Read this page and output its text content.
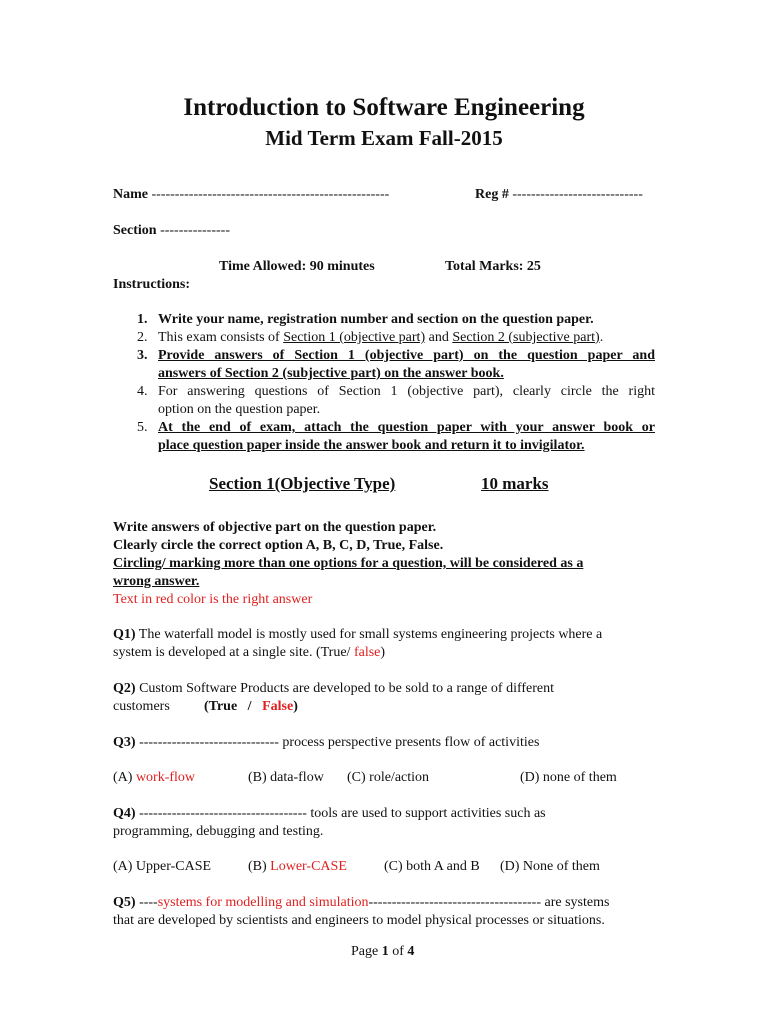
Introduction to Software Engineering
Mid Term Exam Fall-2015
Name ---------------------------------------------------	Reg # ----------------------------
Section ---------------
Time Allowed: 90 minutes	Total Marks: 25
Instructions:
1. Write your name, registration number and section on the question paper.
2. This exam consists of Section 1 (objective part) and Section 2 (subjective part).
3. Provide answers of Section 1 (objective part) on the question paper and
answers of Section 2 (subjective part) on the answer book.
4. For answering questions of Section 1 (objective part), clearly circle the right
option on the question paper.
5. At the end of exam, attach the question paper with your answer book or
place question paper inside the answer book and return it to invigilator.
Section 1(Objective Type)	10 marks
Write answers of objective part on the question paper.
Clearly circle the correct option A, B, C, D, True, False.
Circling/ marking more than one options for a question, will be considered as a
wrong answer.
Text in red color is the right answer
Q1) The waterfall model is mostly used for small systems engineering projects where a
system is developed at a single site. (True/ false)
Q2) Custom Software Products are developed to be sold to a range of different
customers (True   /   False)
Q3) ------------------------------ process perspective presents flow of activities
(A) work-flow	(B) data-flow (C) role/action	(D) none of them
Q4) ------------------------------------ tools are used to support activities such as
programming, debugging and testing.
(A) Upper-CASE	(B) Lower-CASE	(C) both A and B (D) None of them
Q5) ----systems for modelling and simulation------------------------------------- are systems
that are developed by scientists and engineers to model physical processes or situations.
Page 1 of 4
